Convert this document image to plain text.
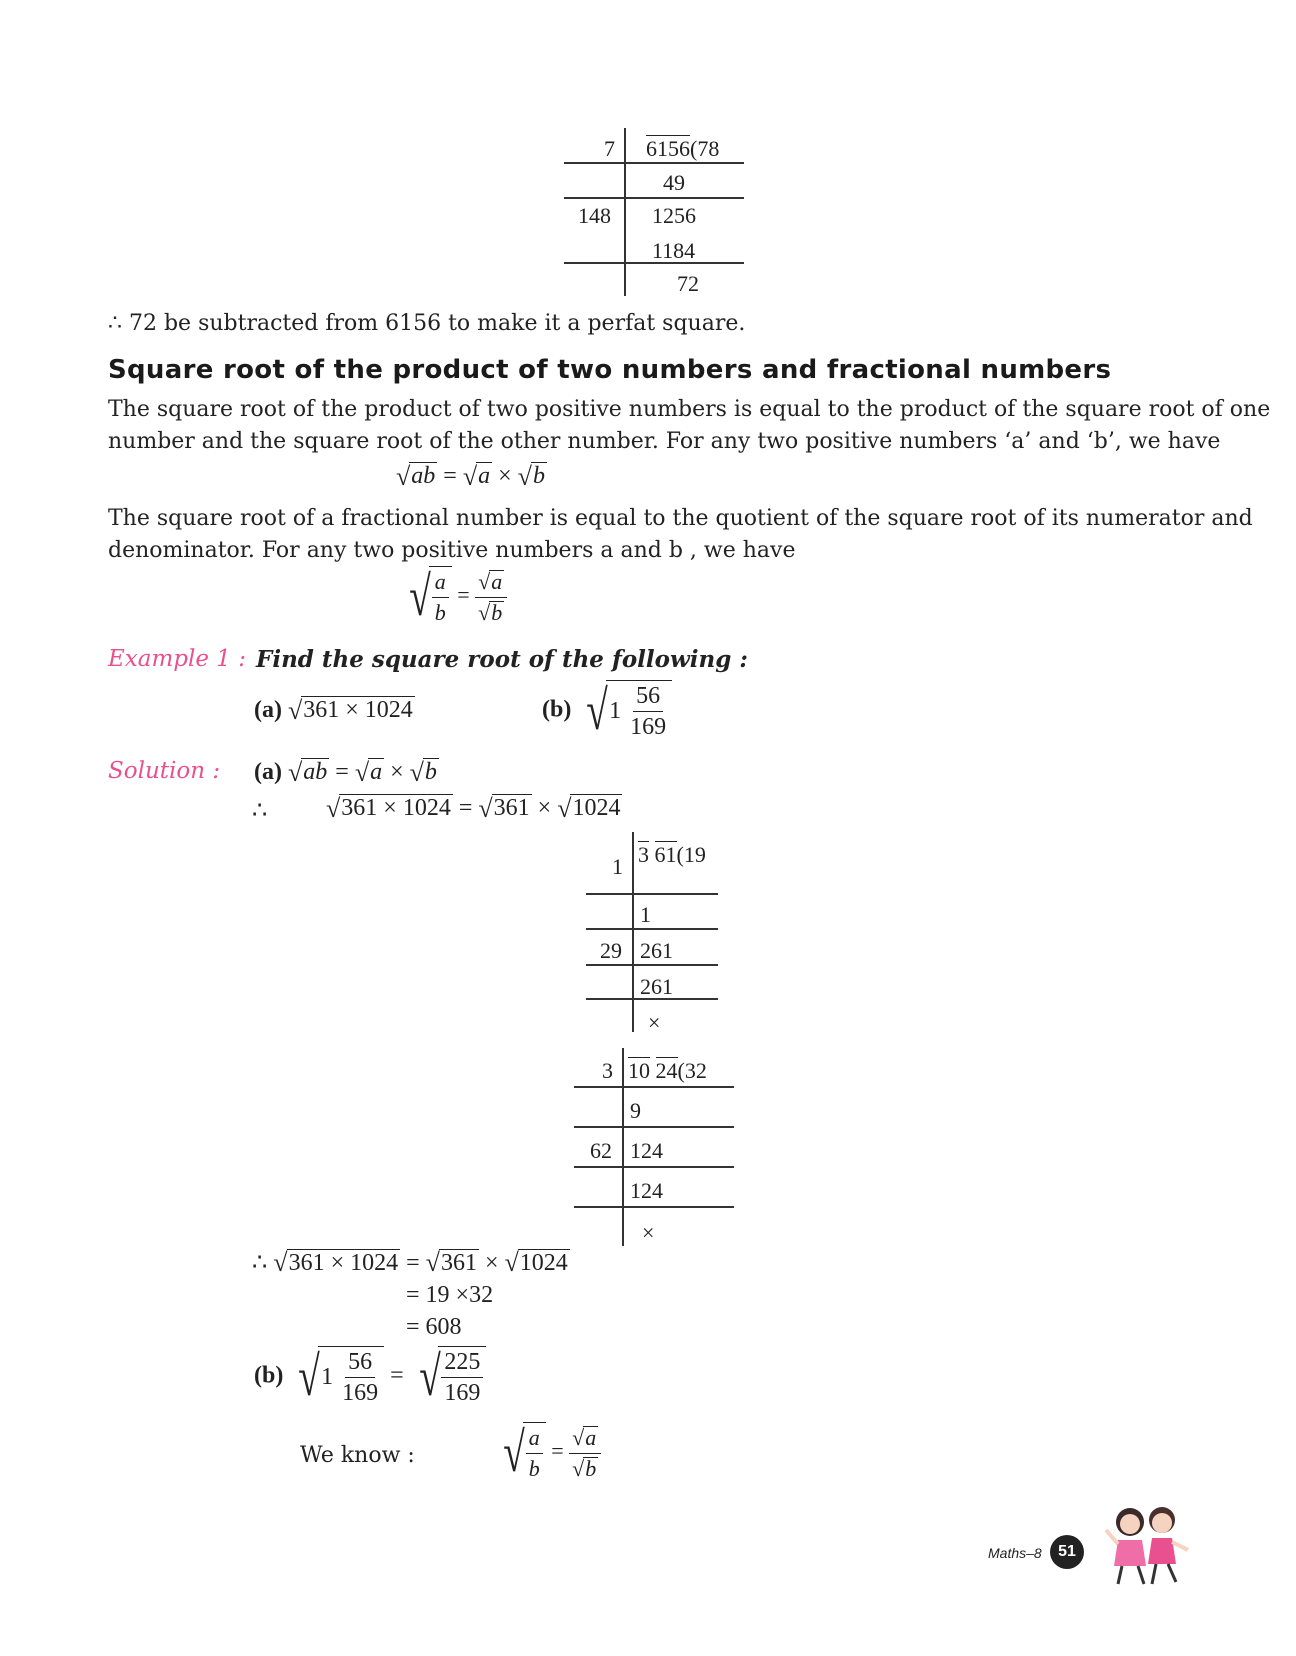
7 6156(78
49
148 1256
1184
72
∴ 72 be subtracted from 6156 to make it a perfat square.
Square root of the product of two numbers and fractional numbers
The square root of the product of two positive numbers is equal to the product of the square root of one
number and the square root of the other number. For any two positive numbers ‘a’ and ‘b’, we have
√ab = √a × √b
The square root of a fractional number is equal to the quotient of the square root of its numerator and
denominator. For any two positive numbers a and b , we have
√ $\frac{a}{b} = \frac{√a}{√b}$
Example 1 : Find the square root of the following :
(a) √361 × 1024	(b) √ 1
$\frac{56}{169}$
Solution : (a) √ab = √a × √b
∴ √361 × 1024 = √361 × √1024
1 3 61(19
1
29 261
261
×
3 10 24(32
9
62 124
124
×
∴ √361 × 1024 = √361 × √1024
= 19 ×32
= 608
(b) √ 1
$\frac{56}{169}$ = √ $\frac{225}{169}$
We know : √ $\frac{a}{b} = \frac{√a}{√b}$
Maths–8	51
